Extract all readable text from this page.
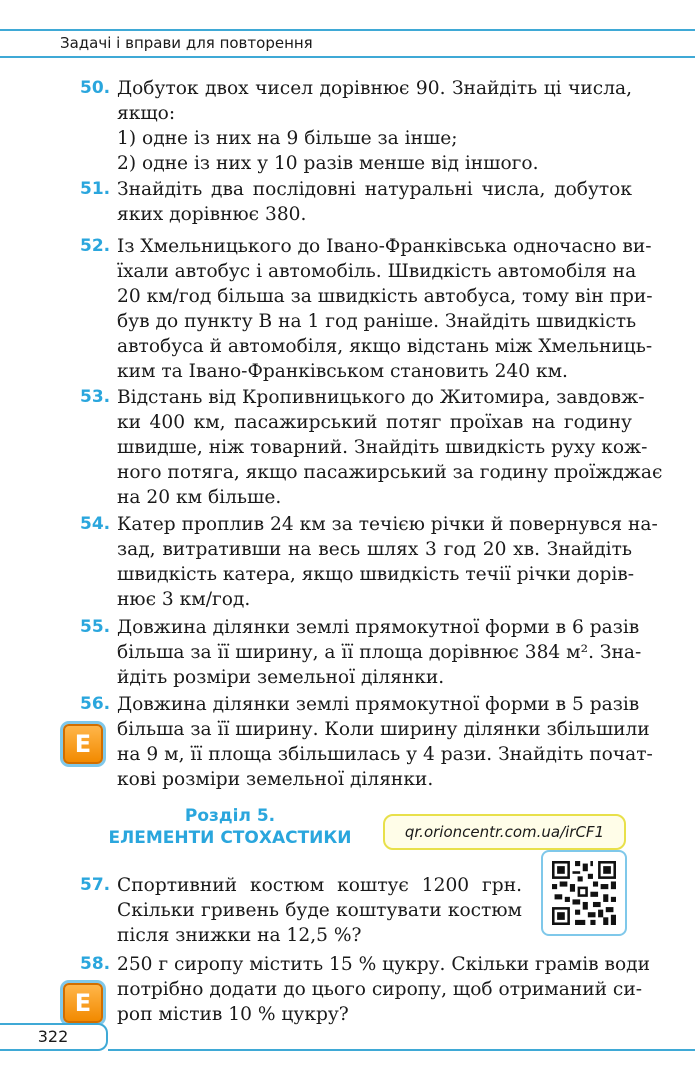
Задачі і вправи для повторення
50. Добуток двох чисел дорівнює 90. Знайдіть ці числа,
якщо:
1) одне із них на 9 більше за інше;
2) одне із них у 10 разів менше від іншого.
51. Знайдіть два послідовні натуральні числа, добуток
яких дорівнює 380.
52. Із Хмельницького до Івано-Франківська одночасно ви-
їхали автобус і автомобіль. Швидкість автомобіля на
20 км/год більша за швидкість автобуса, тому він при-
був до пункту B на 1 год раніше. Знайдіть швидкість
автобуса й автомобіля, якщо відстань між Хмельниць-
ким та Івано-Франківськом становить 240 км.
53. Відстань від Кропивницького до Житомира, завдовж-
ки 400 км, пасажирський потяг проїхав на годину
швидше, ніж товарний. Знайдіть швидкість руху кож-
ного потяга, якщо пасажирський за годину проїжджає
на 20 км більше.
54. Катер проплив 24 км за течією річки й повернувся на-
зад, витративши на весь шлях 3 год 20 хв. Знайдіть
швидкість катера, якщо швидкість течії річки дорів-
нює 3 км/год.
55. Довжина ділянки землі прямокутної форми в 6 разів
більша за її ширину, а її площа дорівнює 384 м². Зна-
йдіть розміри земельної ділянки.
56. Довжина ділянки землі прямокутної форми в 5 разів
більша за її ширину. Коли ширину ділянки збільшили
на 9 м, її площа збільшилась у 4 рази. Знайдіть почат-
кові розміри земельної ділянки.
Е
Розділ 5.
ЕЛЕМЕНТИ СТОХАСТИКИ	qr.orioncentr.com.ua/irCF1
57. Спортивний костюм коштує 1200 грн.
Скільки гривень буде коштувати костюм
після знижки на 12,5 %?
58. 250 г сиропу містить 15 % цукру. Скільки грамів води
потрібно додати до цього сиропу, щоб отриманий си-
роп містив 10 % цукру?
Е
322
